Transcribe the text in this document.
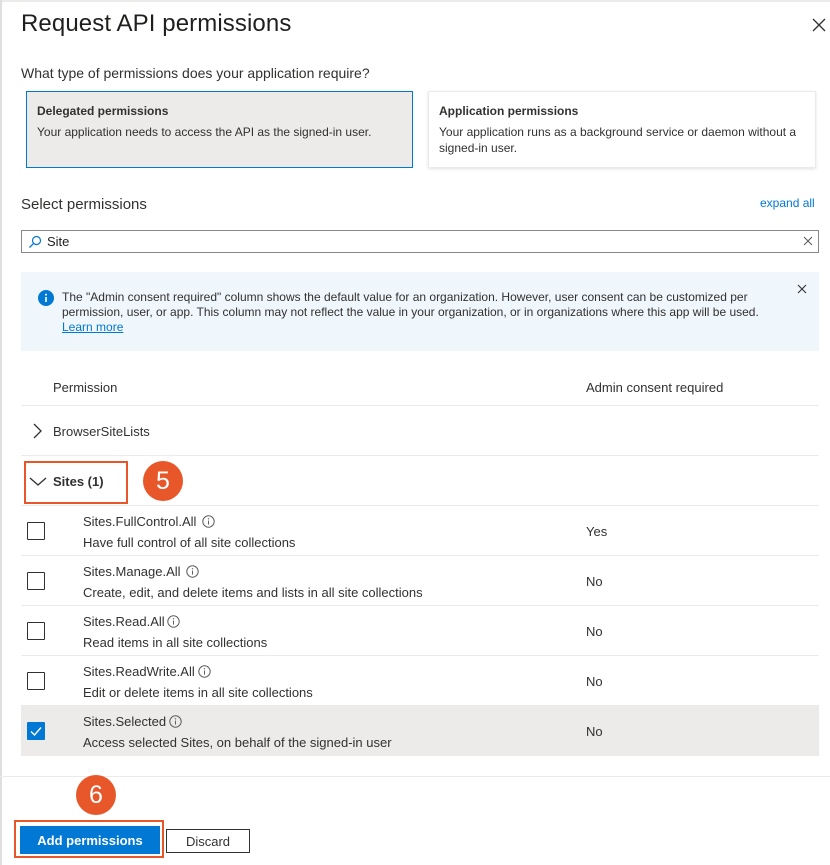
Request API permissions
What type of permissions does your application require?
Delegated permissions
Your application needs to access the API as the signed-in user.
Application permissions
Your application runs as a background service or daemon without a signed-in user.
Select permissions	expand all
Site
The "Admin consent required" column shows the default value for an organization. However, user consent can be customized per permission, user, or app. This column may not reflect the value in your organization, or in organizations where this app will be used. Learn more
Permission	Admin consent required
BrowserSiteLists
Sites (1)	5
Sites.FullControl.All
Have full control of all site collections
Yes
Sites.Manage.All
Create, edit, and delete items and lists in all site collections
No
Sites.Read.All
Read items in all site collections
No
Sites.ReadWrite.All
Edit or delete items in all site collections
No
Sites.Selected
Access selected Sites, on behalf of the signed-in user
No
6
Add permissions	Discard
